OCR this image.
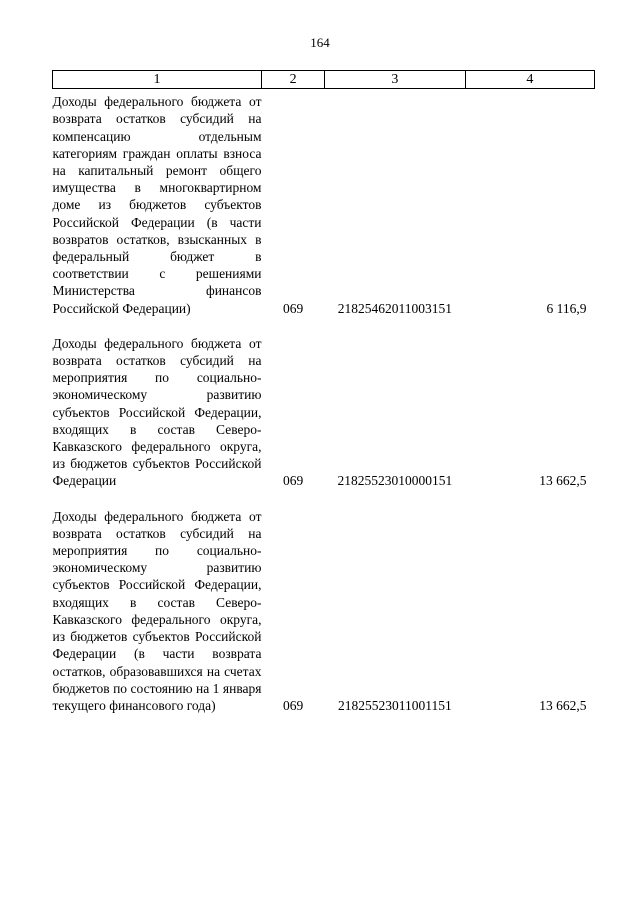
164
1	2	3	4
Доходы федерального бюджета от возврата остатков субсидий на компенсацию отдельным категориям граждан оплаты взноса на капитальный ремонт общего имущества в многоквартирном доме из бюджетов субъектов Российской Федерации (в части возвратов остатков, взысканных в федеральный бюджет в соответствии с решениями Министерства финансов Российской Федерации)	069	21825462011003151	6 116,9

Доходы федерального бюджета от возврата остатков субсидий на мероприятия по социально-экономическому развитию субъектов Российской Федерации, входящих в состав Северо-Кавказского федерального округа, из бюджетов субъектов Российской Федерации	069	21825523010000151	13 662,5

Доходы федерального бюджета от возврата остатков субсидий на мероприятия по социально-экономическому развитию субъектов Российской Федерации, входящих в состав Северо-Кавказского федерального округа, из бюджетов субъектов Российской Федерации (в части возврата остатков, образовавшихся на счетах бюджетов по состоянию на 1 января текущего финансового года)	069	21825523011001151	13 662,5
